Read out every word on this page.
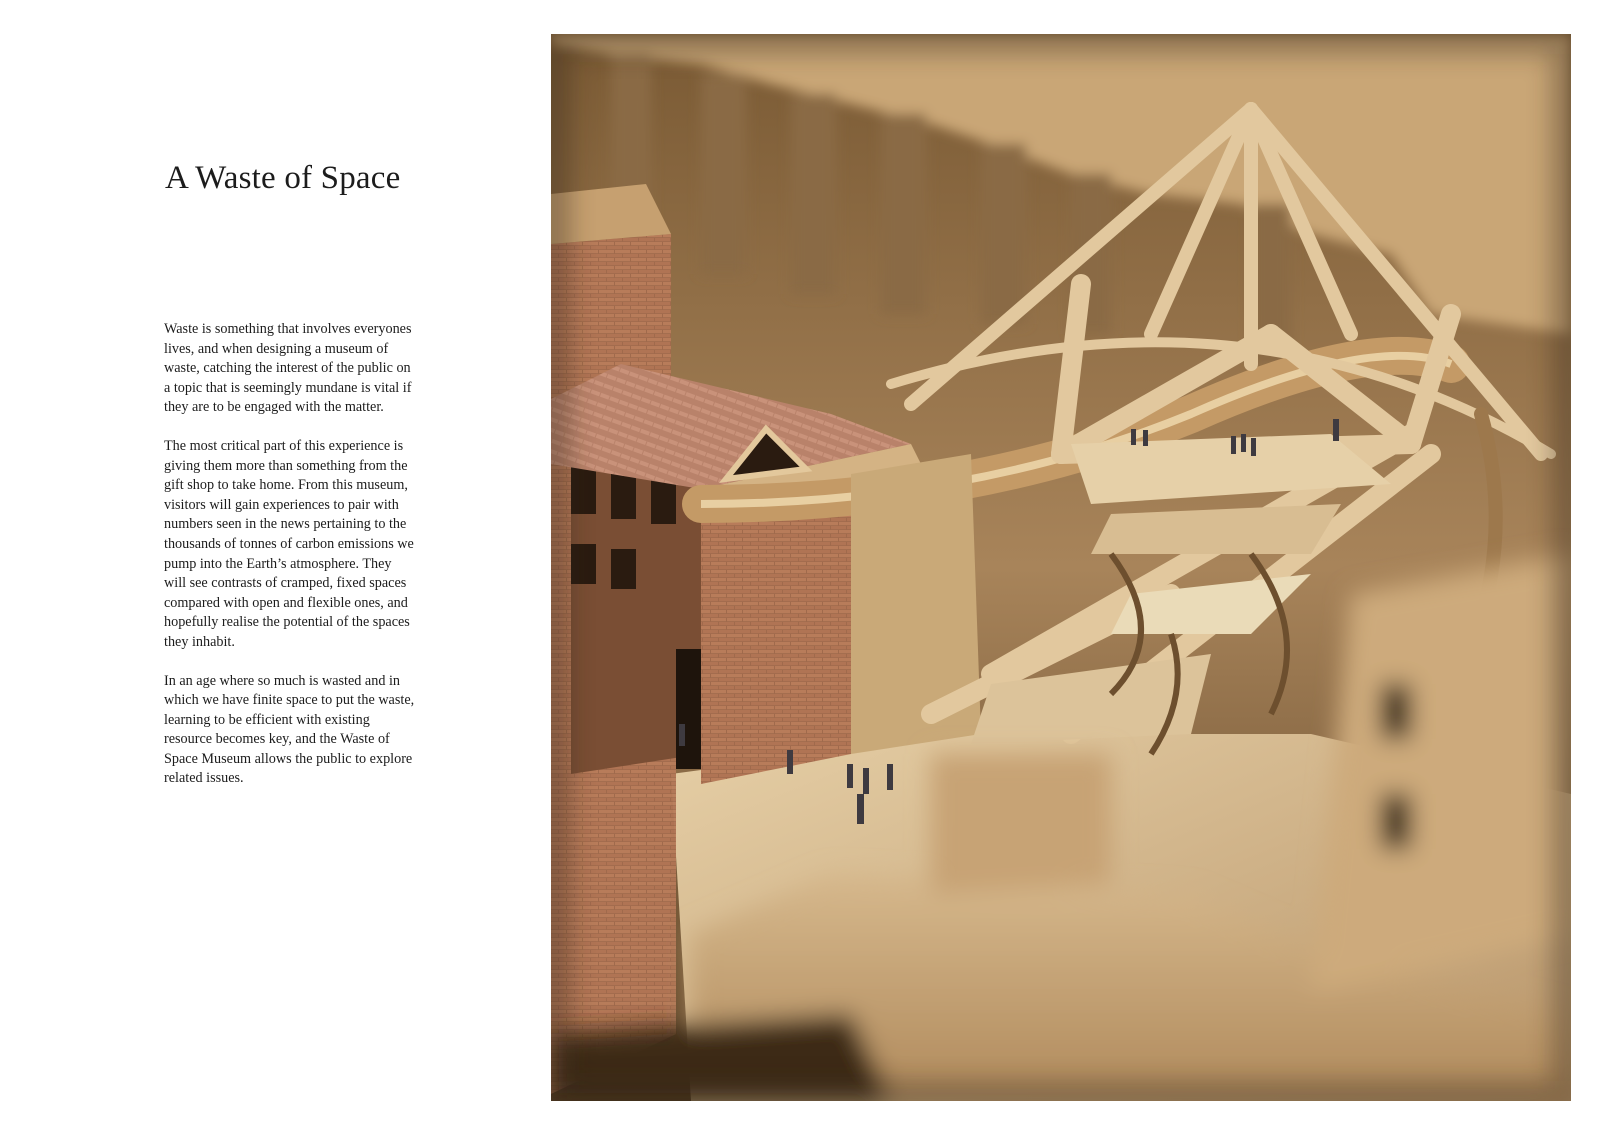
A Waste of Space

Waste is something that involves everyones lives, and when designing a museum of waste, catching the interest of the public on a topic that is seemingly mundane is vital if they are to be engaged with the matter.

The most critical part of this experience is giving them more than something from the gift shop to take home. From this museum, visitors will gain experiences to pair with numbers seen in the news pertaining to the thousands of tonnes of carbon emissions we pump into the Earth’s atmosphere. They will see contrasts of cramped, fixed spaces compared with open and flexible ones, and hopefully realise the potential of the spaces they inhabit.

In an age where so much is wasted and in which we have finite space to put the waste, learning to be efficient with existing resource becomes key, and the Waste of Space Museum allows the public to explore related issues.
